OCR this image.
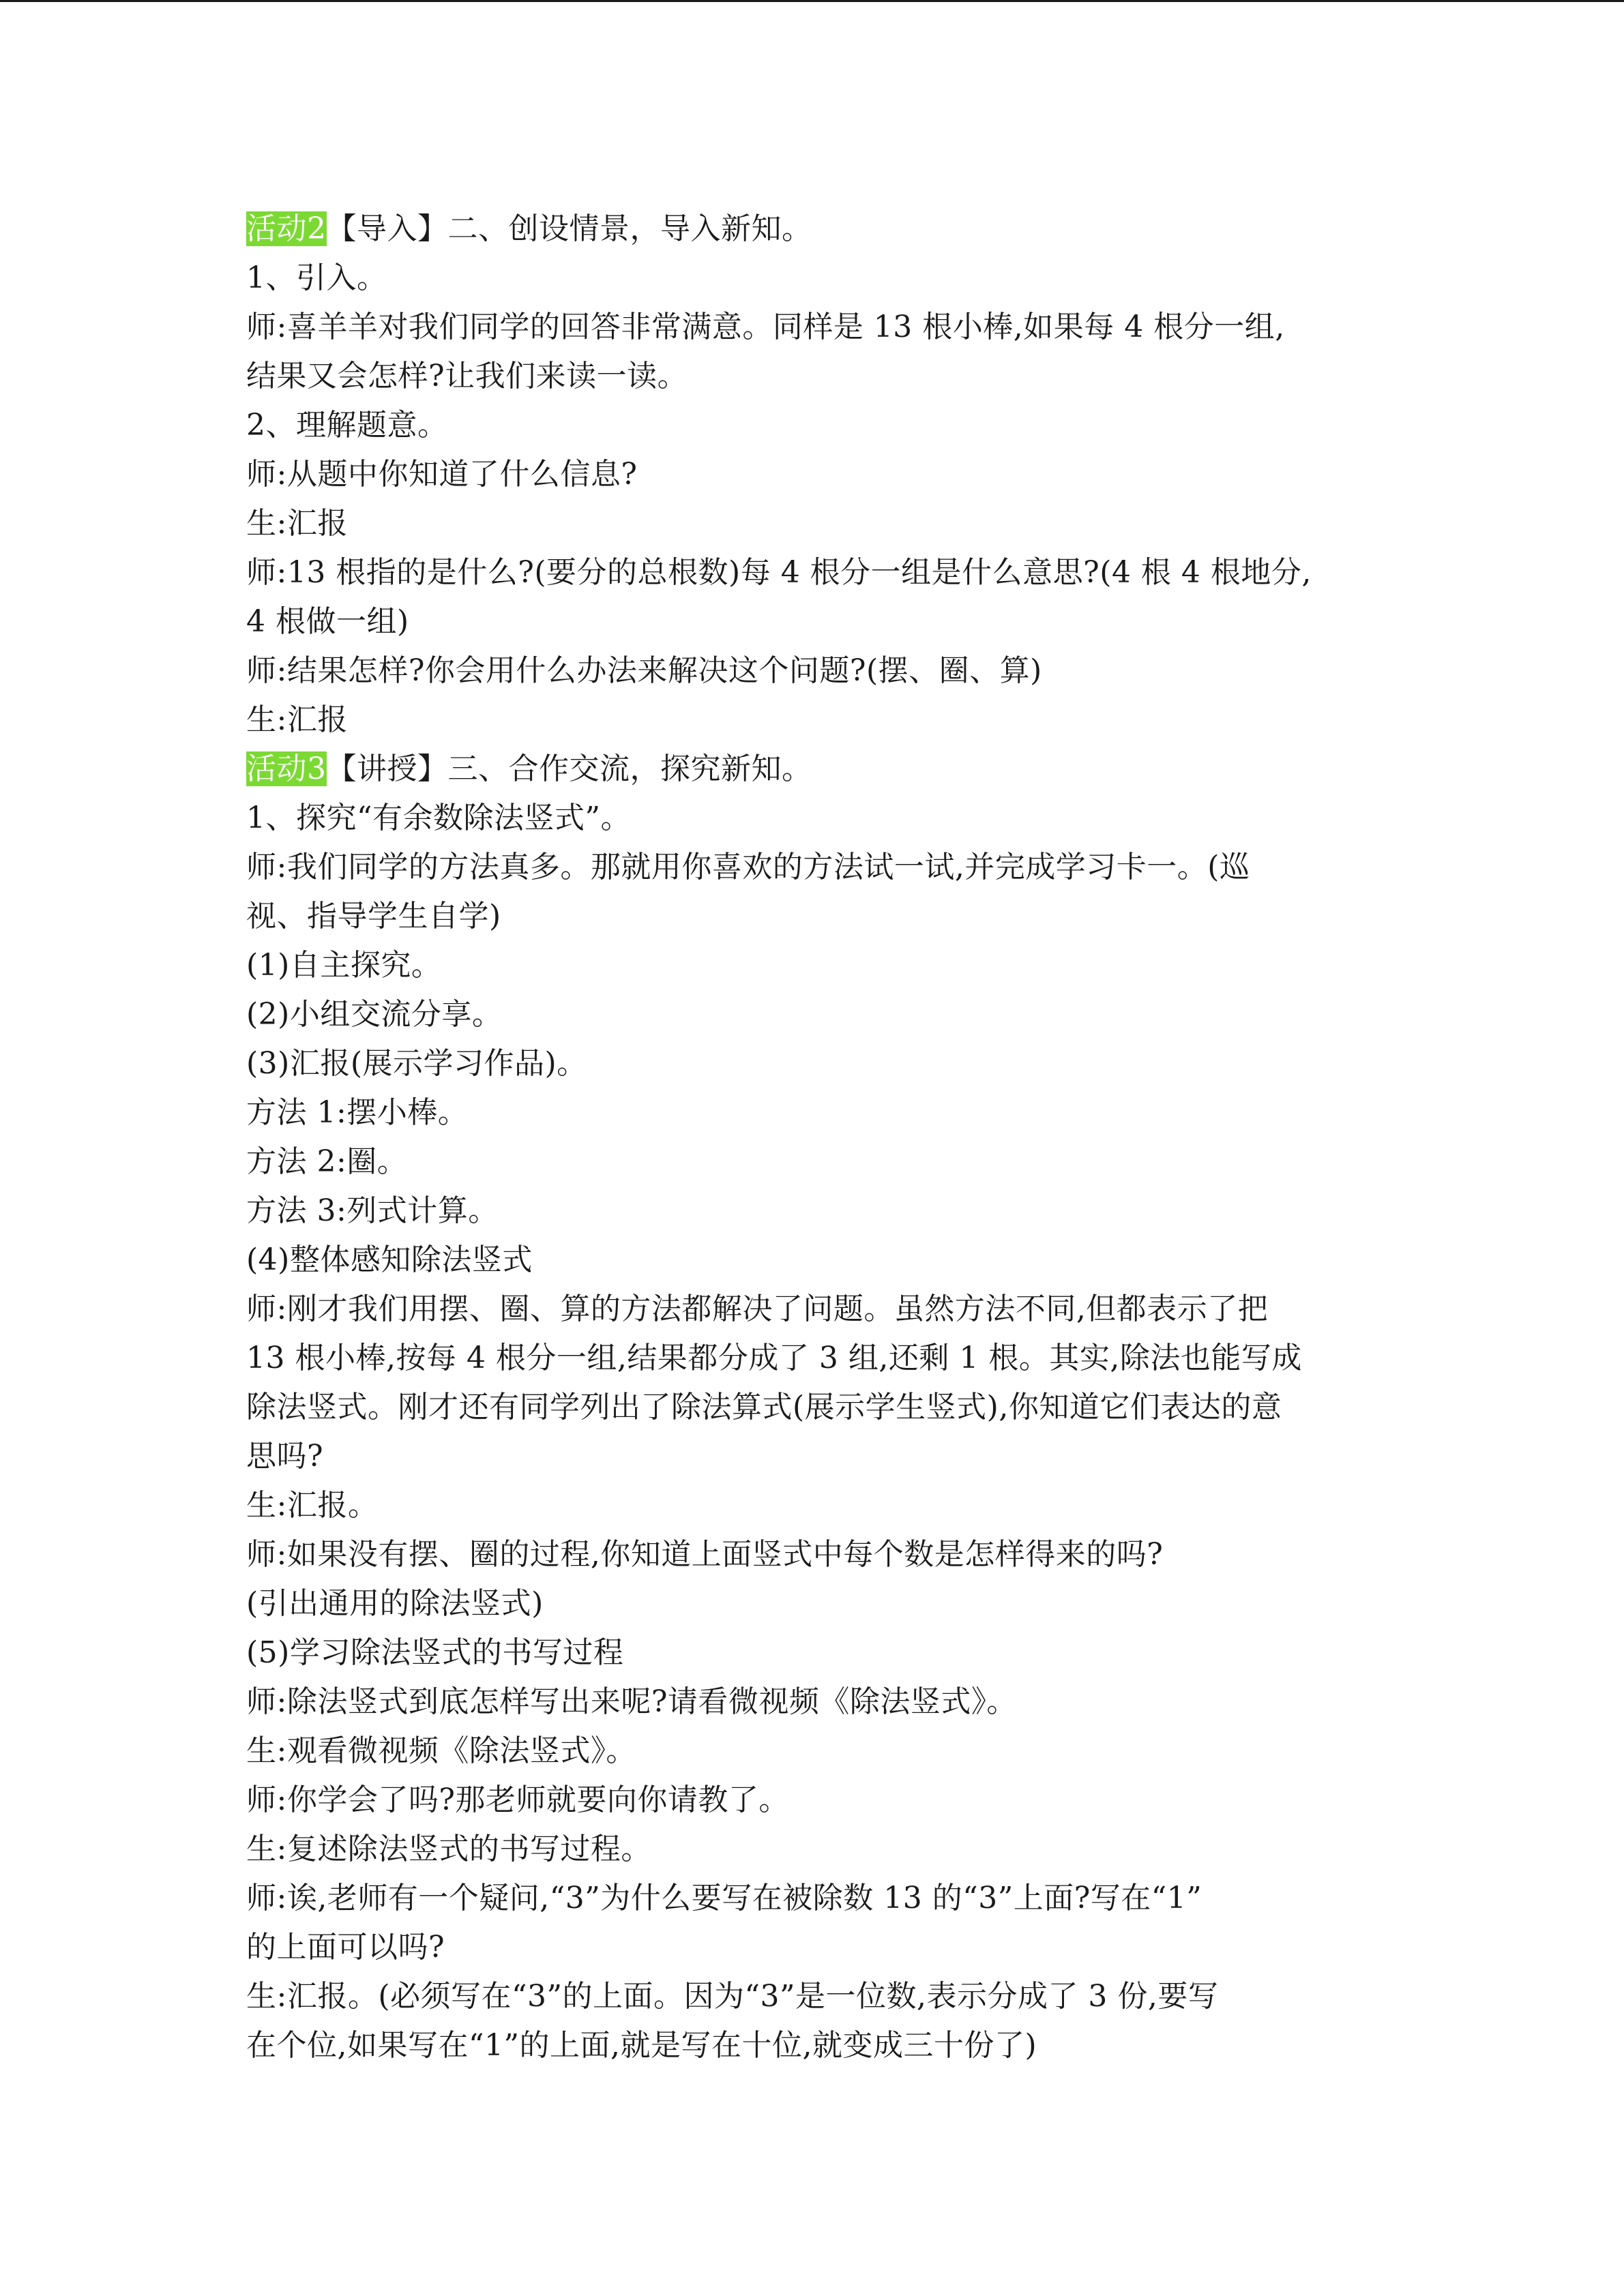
活动2【导入】二、创设情景，导入新知。
1、引入。
师:喜羊羊对我们同学的回答非常满意。同样是 13 根小棒,如果每 4 根分一组,
结果又会怎样?让我们来读一读。
2、理解题意。
师:从题中你知道了什么信息?
生:汇报
师:13 根指的是什么?(要分的总根数)每 4 根分一组是什么意思?(4 根 4 根地分,
4 根做一组)
师:结果怎样?你会用什么办法来解决这个问题?(摆、圈、算)
生:汇报
活动3【讲授】三、合作交流，探究新知。
1、探究“有余数除法竖式”。
师:我们同学的方法真多。那就用你喜欢的方法试一试,并完成学习卡一。(巡
视、指导学生自学)
(1)自主探究。
(2)小组交流分享。
(3)汇报(展示学习作品)。
方法 1:摆小棒。
方法 2:圈。
方法 3:列式计算。
(4)整体感知除法竖式
师:刚才我们用摆、圈、算的方法都解决了问题。虽然方法不同,但都表示了把
13 根小棒,按每 4 根分一组,结果都分成了 3 组,还剩 1 根。其实,除法也能写成
除法竖式。刚才还有同学列出了除法算式(展示学生竖式),你知道它们表达的意
思吗?
生:汇报。
师:如果没有摆、圈的过程,你知道上面竖式中每个数是怎样得来的吗?
(引出通用的除法竖式)
(5)学习除法竖式的书写过程
师:除法竖式到底怎样写出来呢?请看微视频《除法竖式》。
生:观看微视频《除法竖式》。
师:你学会了吗?那老师就要向你请教了。
生:复述除法竖式的书写过程。
师:诶,老师有一个疑问,“3”为什么要写在被除数 13 的“3”上面?写在“1”
的上面可以吗?
生:汇报。(必须写在“3”的上面。因为“3”是一位数,表示分成了 3 份,要写
在个位,如果写在“1”的上面,就是写在十位,就变成三十份了)
